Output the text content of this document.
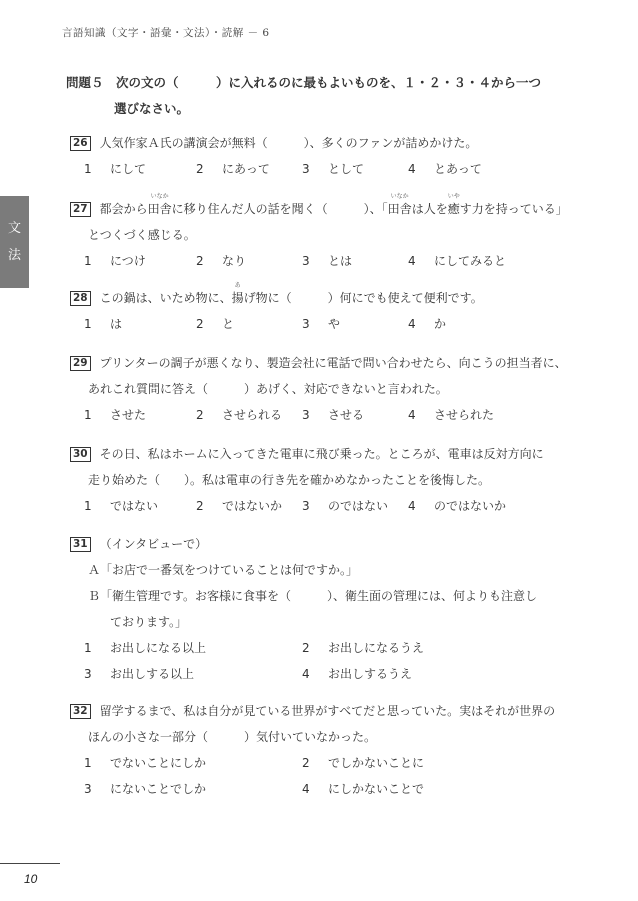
言語知識（文字・語彙・文法）・読解 － 6
文
法
問題５　次の文の（　　　）に入れるのに最もよいものを、１・２・３・４から一つ
選びなさい。
26 人気作家Ａ氏の講演会が無料（　　　）、多くのファンが詰めかけた。
1 にして	2 にあって	3 として	4 とあって
27 都会から田舎
いなか
に移り住んだ人の話を聞く（　　　）、「田舎
いなか
は人を癒
いや
す力を持っている」
とつくづく感じる。
1 につけ	2 なり	3 とは	4 にしてみると
28 この鍋は、いため物に、揚
あ
げ物に（　　　）何にでも使えて便利です。
1 は	2 と	3 や	4 か
29 プリンターの調子が悪くなり、製造会社に電話で問い合わせたら、向こうの担当者に、
あれこれ質問に答え（　　　）あげく、対応できないと言われた。
1 させた	2 させられる	3 させる	4 させられた
30 その日、私はホームに入ってきた電車に飛び乗った。ところが、電車は反対方向に
走り始めた（　　）。私は電車の行き先を確かめなかったことを後悔した。
1 ではない	2 ではないか	3 のではない	4 のではないか
31 （インタビューで）
Ａ「お店で一番気をつけていることは何ですか。」
Ｂ「衛生管理です。お客様に食事を（　　　）、衛生面の管理には、何よりも注意し
ております。」
1 お出しになる以上	2 お出しになるうえ
3 お出しする以上	4 お出しするうえ
32 留学するまで、私は自分が見ている世界がすべてだと思っていた。実はそれが世界の
ほんの小さな一部分（　　　）気付いていなかった。
1 でないことにしか	2 でしかないことに
3 にないことでしか	4 にしかないことで
10
